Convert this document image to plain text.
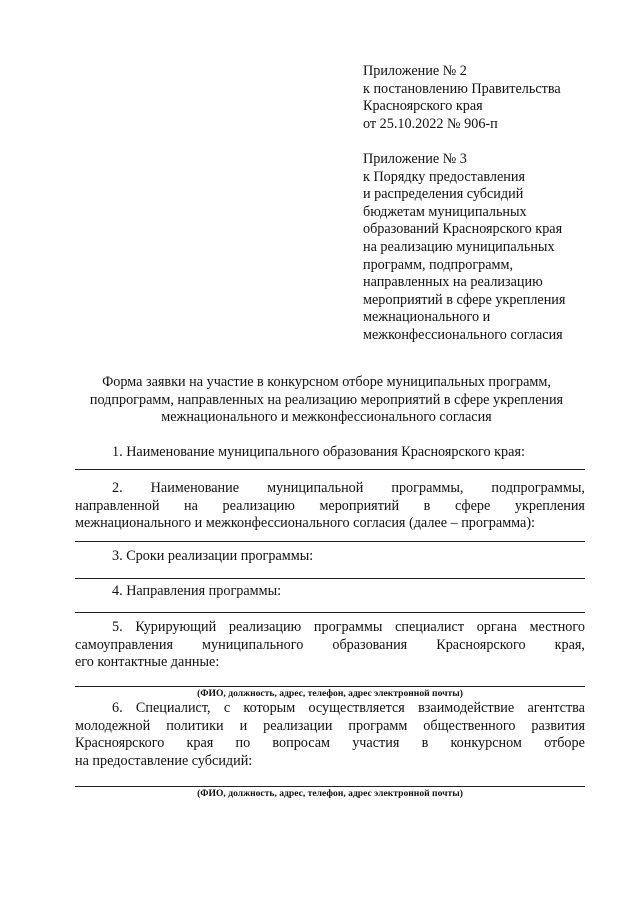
Приложение № 2
к постановлению Правительства
Красноярского края
от 25.10.2022 № 906-п
Приложение № 3
к Порядку предоставления
и распределения субсидий
бюджетам муниципальных
образований Красноярского края
на реализацию муниципальных
программ, подпрограмм,
направленных на реализацию
мероприятий в сфере укрепления
межнационального и
межконфессионального согласия
Форма заявки на участие в конкурсном отборе муниципальных программ,
подпрограмм, направленных на реализацию мероприятий в сфере укрепления
межнационального и межконфессионального согласия
1. Наименование муниципального образования Красноярского края:
2. Наименование муниципальной программы, подпрограммы,
направленной на реализацию мероприятий в сфере укрепления
межнационального и межконфессионального согласия (далее – программа):
3. Сроки реализации программы:
4. Направления программы:
5. Курирующий реализацию программы специалист органа местного
самоуправления муниципального образования Красноярского края,
его контактные данные:
(ФИО, должность, адрес, телефон, адрес электронной почты)
6. Специалист, с которым осуществляется взаимодействие агентства
молодежной политики и реализации программ общественного развития
Красноярского края по вопросам участия в конкурсном отборе
на предоставление субсидий:
(ФИО, должность, адрес, телефон, адрес электронной почты)
